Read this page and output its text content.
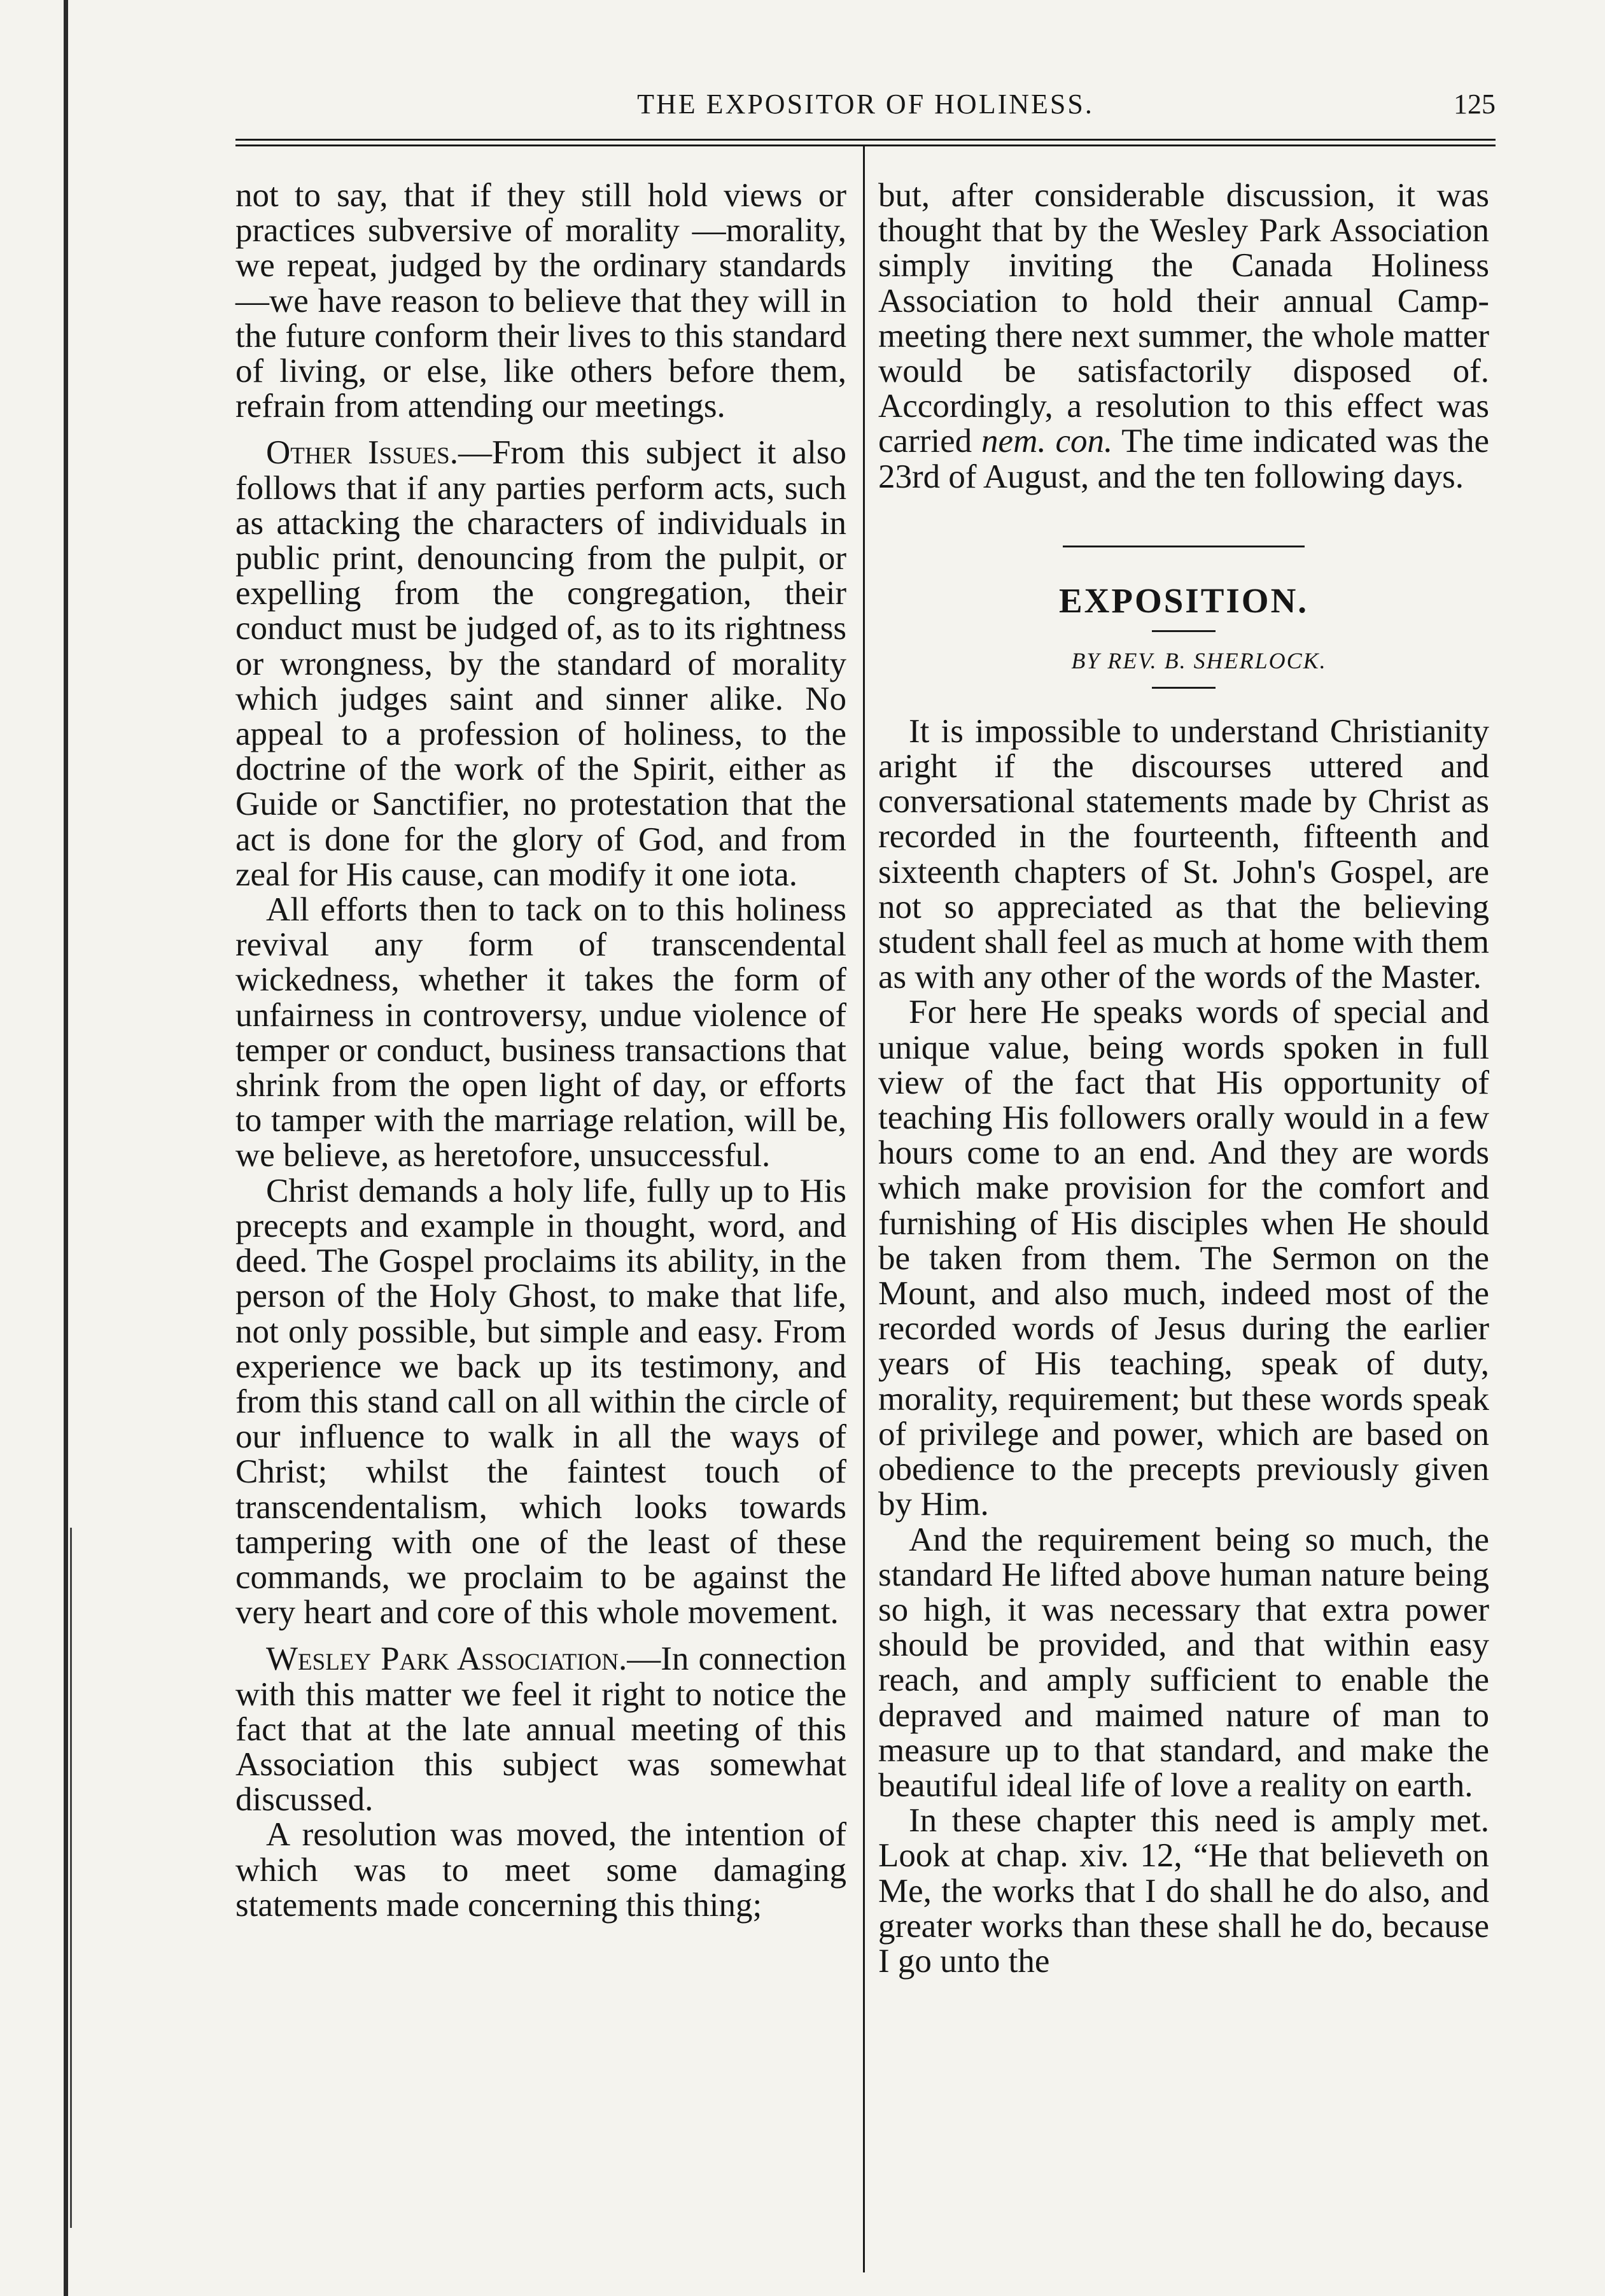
THE EXPOSITOR OF HOLINESS.	125

not to say, that if they still hold views or practices subversive of morality —morality, we repeat, judged by the ordinary standards—we have reason to believe that they will in the future conform their lives to this standard of living, or else, like others before them, refrain from attending our meetings.

Other Issues.—From this subject it also follows that if any parties perform acts, such as attacking the characters of individuals in public print, denouncing from the pulpit, or expelling from the congregation, their conduct must be judged of, as to its rightness or wrongness, by the standard of morality which judges saint and sinner alike. No appeal to a profession of holiness, to the doctrine of the work of the Spirit, either as Guide or Sanctifier, no protestation that the act is done for the glory of God, and from zeal for His cause, can modify it one iota.

All efforts then to tack on to this holiness revival any form of transcendental wickedness, whether it takes the form of unfairness in controversy, undue violence of temper or conduct, business transactions that shrink from the open light of day, or efforts to tamper with the marriage relation, will be, we believe, as heretofore, unsuccessful.

Christ demands a holy life, fully up to His precepts and example in thought, word, and deed. The Gospel proclaims its ability, in the person of the Holy Ghost, to make that life, not only possible, but simple and easy. From experience we back up its testimony, and from this stand call on all within the circle of our influence to walk in all the ways of Christ; whilst the faintest touch of transcendentalism, which looks towards tampering with one of the least of these commands, we proclaim to be against the very heart and core of this whole movement.

Wesley Park Association.—In connection with this matter we feel it right to notice the fact that at the late annual meeting of this Association this subject was somewhat discussed.

A resolution was moved, the intention of which was to meet some damaging statements made concerning this thing;

but, after considerable discussion, it was thought that by the Wesley Park Association simply inviting the Canada Holiness Association to hold their annual Camp-meeting there next summer, the whole matter would be satisfactorily disposed of. Accordingly, a resolution to this effect was carried nem. con. The time indicated was the 23rd of August, and the ten following days.

EXPOSITION.

BY REV. B. SHERLOCK.

It is impossible to understand Christianity aright if the discourses uttered and conversational statements made by Christ as recorded in the fourteenth, fifteenth and sixteenth chapters of St. John's Gospel, are not so appreciated as that the believing student shall feel as much at home with them as with any other of the words of the Master.

For here He speaks words of special and unique value, being words spoken in full view of the fact that His opportunity of teaching His followers orally would in a few hours come to an end. And they are words which make provision for the comfort and furnishing of His disciples when He should be taken from them. The Sermon on the Mount, and also much, indeed most of the recorded words of Jesus during the earlier years of His teaching, speak of duty, morality, requirement; but these words speak of privilege and power, which are based on obedience to the precepts previously given by Him.

And the requirement being so much, the standard He lifted above human nature being so high, it was necessary that extra power should be provided, and that within easy reach, and amply sufficient to enable the depraved and maimed nature of man to measure up to that standard, and make the beautiful ideal life of love a reality on earth.

In these chapter this need is amply met. Look at chap. xiv. 12, “He that believeth on Me, the works that I do shall he do also, and greater works than these shall he do, because I go unto the
